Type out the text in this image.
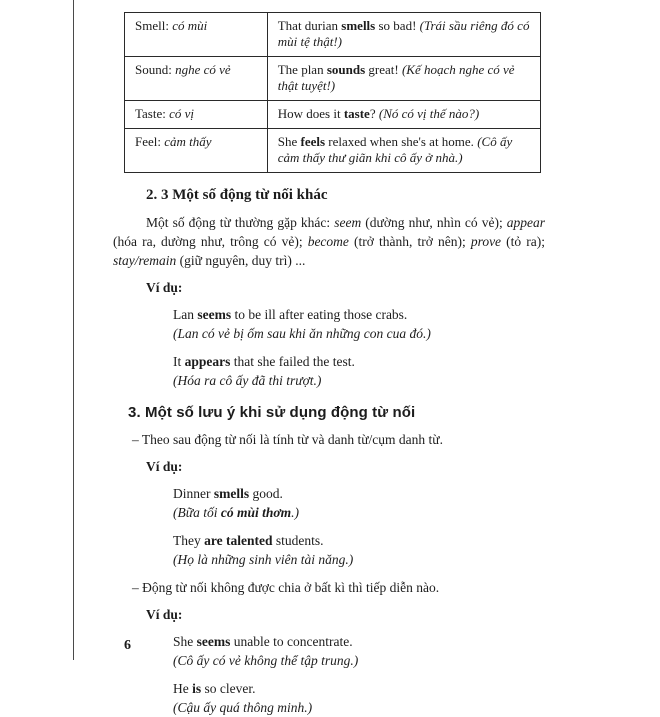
Smell: có mùi	That durian smells so bad! (Trái sầu riêng đó có mùi tệ thật!)
Sound: nghe có vẻ	The plan sounds great! (Kế hoạch nghe có vẻ thật tuyệt!)
Taste: có vị	How does it taste? (Nó có vị thế nào?)
Feel: cảm thấy	She feels relaxed when she's at home. (Cô ấy cảm thấy thư giãn khi cô ấy ở nhà.)
2. 3 Một số động từ nối khác

Một số động từ thường gặp khác: seem (dường như, nhìn có vẻ); appear (hóa ra, dường như, trông có vẻ); become (trở thành, trở nên); prove (tỏ ra); stay/remain (giữ nguyên, duy trì) ...

Ví dụ:

Lan seems to be ill after eating those crabs.

(Lan có vẻ bị ốm sau khi ăn những con cua đó.)

It appears that she failed the test.

(Hóa ra cô ấy đã thi trượt.)

3. Một số lưu ý khi sử dụng động từ nối

– Theo sau động từ nối là tính từ và danh từ/cụm danh từ.

Ví dụ:

Dinner smells good.

(Bữa tối có mùi thơm.)

They are talented students.

(Họ là những sinh viên tài năng.)

– Động từ nối không được chia ở bất kì thì tiếp diễn nào.

Ví dụ:

She seems unable to concentrate.

(Cô ấy có vẻ không thể tập trung.)

He is so clever.

(Cậu ấy quá thông minh.)

6
